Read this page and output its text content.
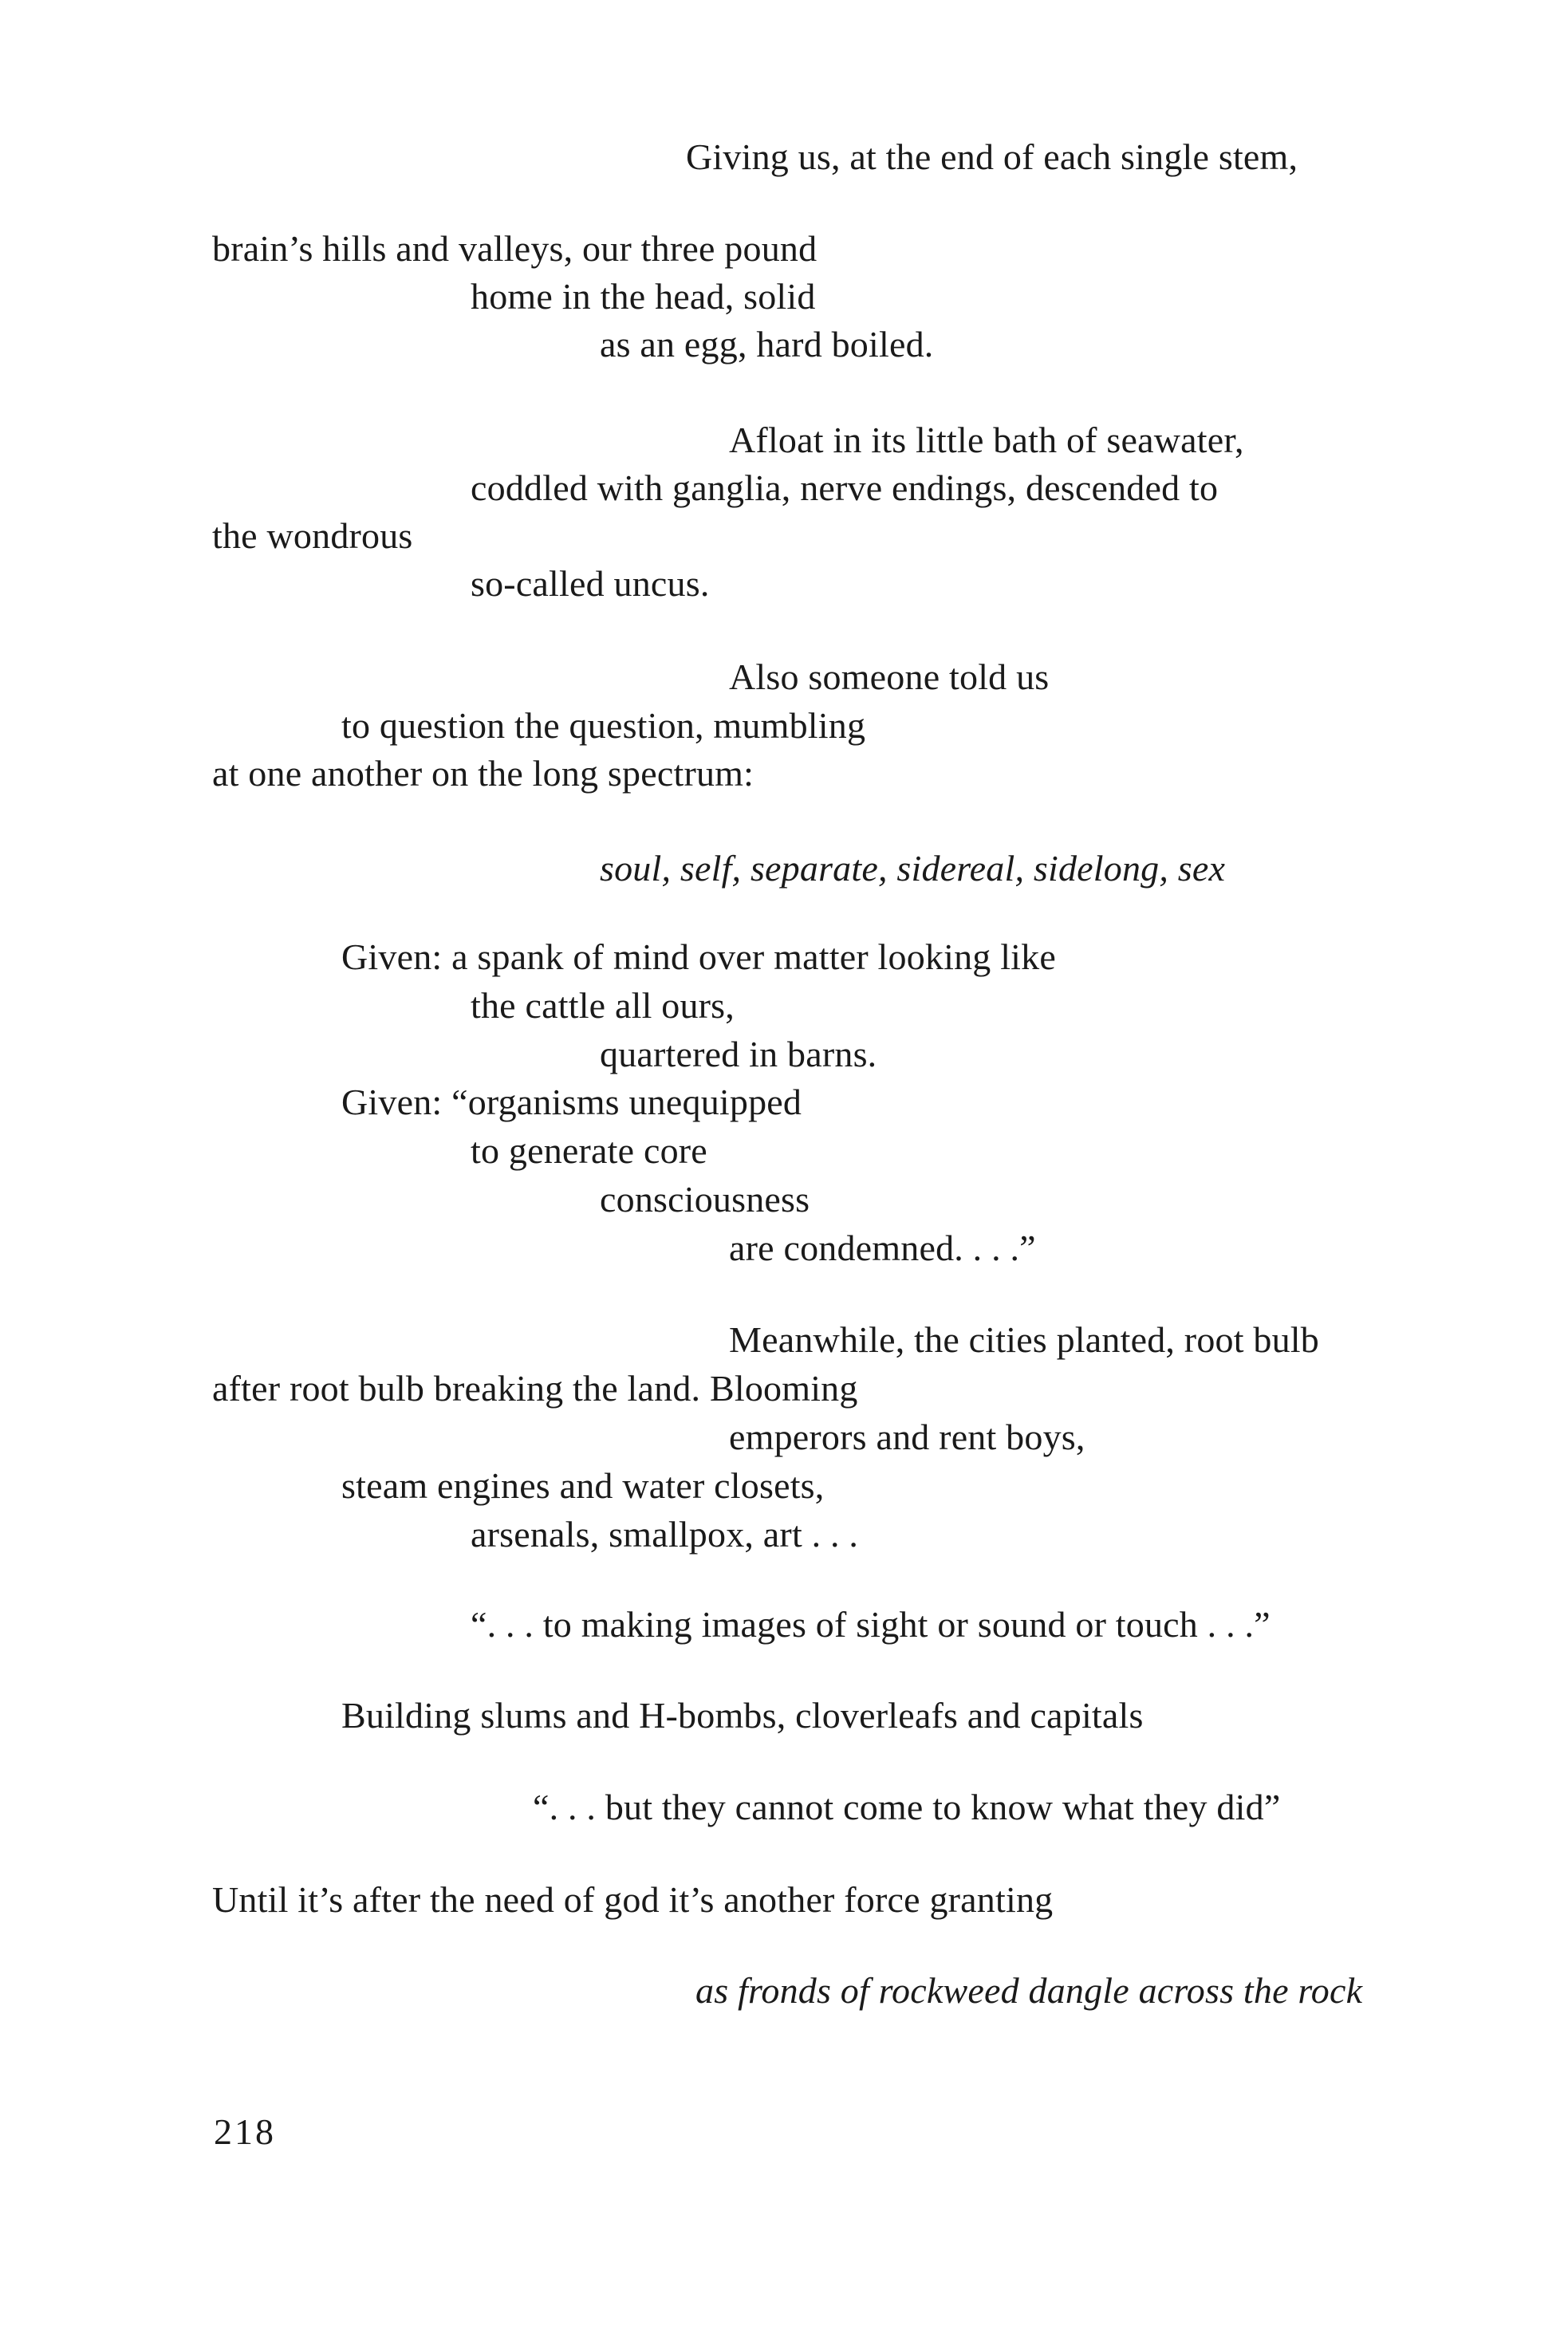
Giving us, at the end of each single stem,
brain’s hills and valleys, our three pound
home in the head, solid
as an egg, hard boiled.
Afloat in its little bath of seawater,
coddled with ganglia, nerve endings, descended to
the wondrous
so-called uncus.
Also someone told us
to question the question, mumbling
at one another on the long spectrum:
soul, self, separate, sidereal, sidelong, sex
Given: a spank of mind over matter looking like
the cattle all ours,
quartered in barns.
Given: “organisms unequipped
to generate core
consciousness
are condemned. . . .”
Meanwhile, the cities planted, root bulb
after root bulb breaking the land. Blooming
emperors and rent boys,
steam engines and water closets,
arsenals, smallpox, art . . .
“. . . to making images of sight or sound or touch . . .”
Building slums and H-bombs, cloverleafs and capitals
“. . . but they cannot come to know what they did”
Until it’s after the need of god it’s another force granting
as fronds of rockweed dangle across the rock
218
